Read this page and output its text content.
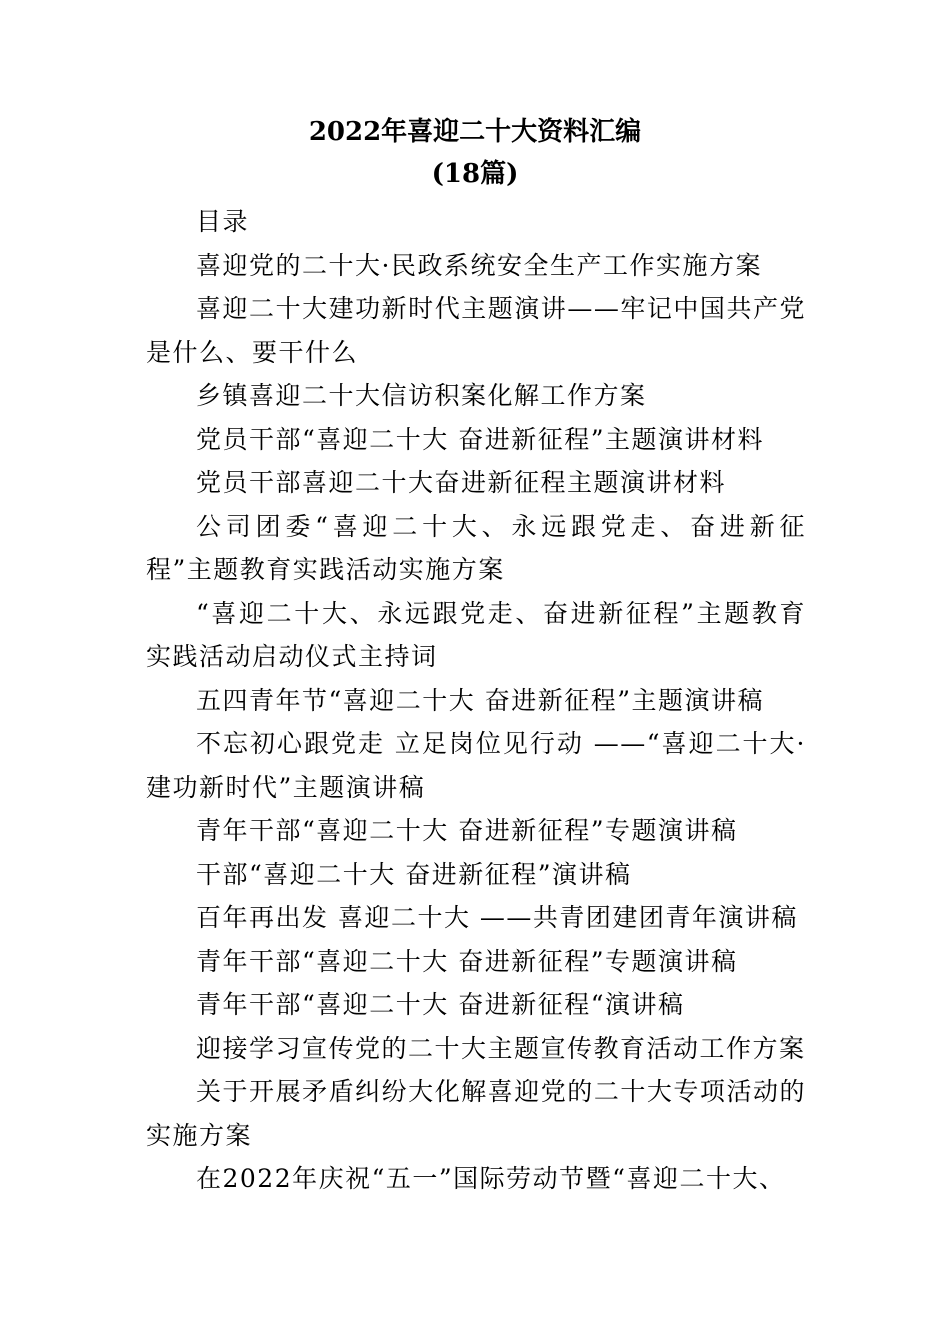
2022年喜迎二十大资料汇编
(18篇)

目录

喜迎党的二十大·民政系统安全生产工作实施方案

喜迎二十大建功新时代主题演讲——牢记中国共产党是什么、要干什么

乡镇喜迎二十大信访积案化解工作方案

党员干部“喜迎二十大 奋进新征程”主题演讲材料

党员干部喜迎二十大奋进新征程主题演讲材料

公司团委“喜迎二十大、永远跟党走、奋进新征程”主题教育实践活动实施方案

“喜迎二十大、永远跟党走、奋进新征程”主题教育实践活动启动仪式主持词

五四青年节“喜迎二十大 奋进新征程”主题演讲稿

不忘初心跟党走 立足岗位见行动 ——“喜迎二十大·建功新时代”主题演讲稿

青年干部“喜迎二十大 奋进新征程”专题演讲稿

干部“喜迎二十大 奋进新征程”演讲稿

百年再出发 喜迎二十大 ——共青团建团青年演讲稿

青年干部“喜迎二十大 奋进新征程”专题演讲稿

青年干部“喜迎二十大 奋进新征程“演讲稿

迎接学习宣传党的二十大主题宣传教育活动工作方案

关于开展矛盾纠纷大化解喜迎党的二十大专项活动的实施方案

在2022年庆祝“五一”国际劳动节暨“喜迎二十大、
